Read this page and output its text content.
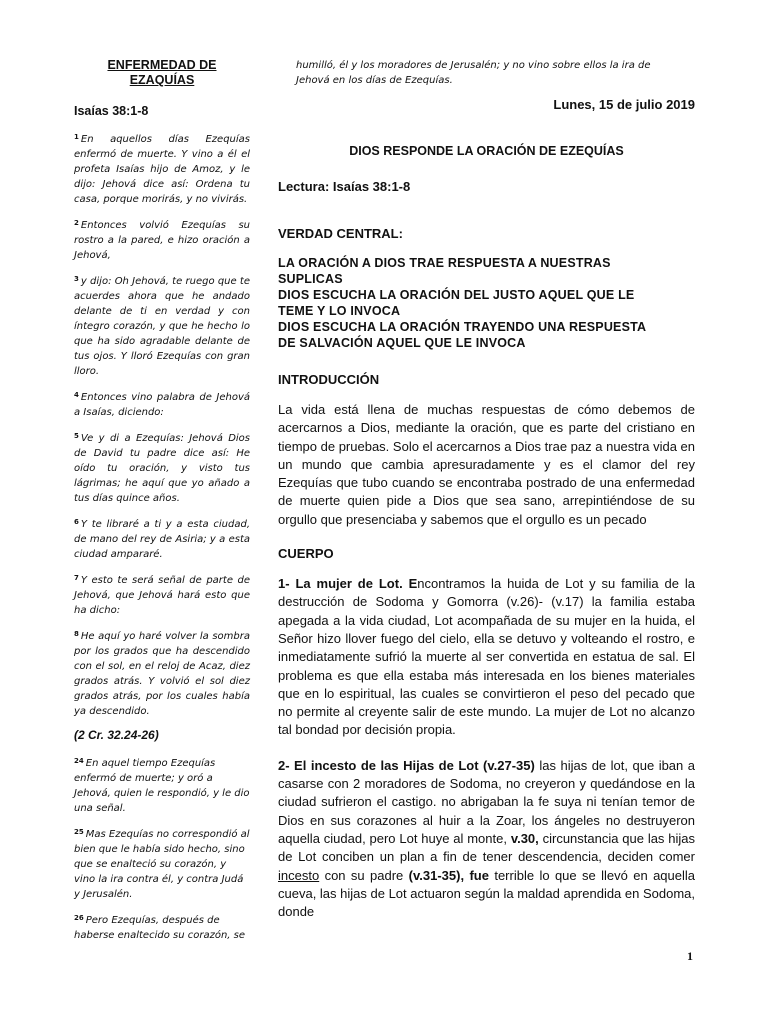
ENFERMEDAD DE
EZAQUÍAS
Isaías 38:1-8

$^1$ En aquellos días Ezequías enfermó de muerte. Y vino a él el profeta Isaías hijo de Amoz, y le dijo: Jehová dice así: Ordena tu casa, porque morirás, y no vivirás.

$^2$ Entonces volvió Ezequías su rostro a la pared, e hizo oración a Jehová,

$^3$ y dijo: Oh Jehová, te ruego que te acuerdes ahora que he andado delante de ti en verdad y con íntegro corazón, y que he hecho lo que ha sido agradable delante de tus ojos. Y lloró Ezequías con gran lloro.

$^4$ Entonces vino palabra de Jehová a Isaías, diciendo:

$^5$ Ve y di a Ezequías: Jehová Dios de David tu padre dice así: He oído tu oración, y visto tus lágrimas; he aquí que yo añado a tus días quince años.

$^6$ Y te libraré a ti y a esta ciudad, de mano del rey de Asiria; y a esta ciudad ampararé.

$^7$ Y esto te será señal de parte de Jehová, que Jehová hará esto que ha dicho:

$^8$ He aquí yo haré volver la sombra por los grados que ha descendido con el sol, en el reloj de Acaz, diez grados atrás. Y volvió el sol diez grados atrás, por los cuales había ya descendido.

(2 Cr. 32.24-26)

$^{24}$ En aquel tiempo Ezequías enfermó de muerte; y oró a Jehová, quien le respondió, y le dio una señal.

$^{25}$ Mas Ezequías no correspondió al bien que le había sido hecho, sino que se enalteció su corazón, y vino la ira contra él, y contra Judá y Jerusalén.

$^{26}$ Pero Ezequías, después de haberse enaltecido su corazón, se

humilló, él y los moradores de Jerusalén; y no vino sobre ellos la ira de Jehová en los días de Ezequías.

Lunes, 15 de julio 2019
DIOS RESPONDE LA ORACIÓN DE EZEQUÍAS
Lectura: Isaías 38:1-8
VERDAD CENTRAL:

LA ORACIÓN A DIOS TRAE RESPUESTA A NUESTRAS

SUPLICAS

DIOS ESCUCHA LA ORACIÓN DEL JUSTO AQUEL QUE LE

TEME Y LO INVOCA

DIOS ESCUCHA LA ORACIÓN TRAYENDO UNA RESPUESTA

DE SALVACIÓN AQUEL QUE LE INVOCA

INTRODUCCIÓN

La vida está llena de muchas respuestas de cómo debemos de acercarnos a Dios, mediante la oración, que es parte del cristiano en tiempo de pruebas. Solo el acercarnos a Dios trae paz a nuestra vida en un mundo que cambia apresuradamente y es el clamor del rey Ezequías que tubo cuando se encontraba postrado de una enfermedad de muerte quien pide a Dios que sea sano, arrepintiéndose de su orgullo que presenciaba y sabemos que el orgullo es un pecado

CUERPO

1- La mujer de Lot. Encontramos la huida de Lot y su familia de la destrucción de Sodoma y Gomorra (v.26)- (v.17) la familia estaba apegada a la vida ciudad, Lot acompañada de su mujer en la huida, el Señor hizo llover fuego del cielo, ella se detuvo y volteando el rostro, e inmediatamente sufrió la muerte al ser convertida en estatua de sal. El problema es que ella estaba más interesada en los bienes materiales que en lo espiritual, las cuales se convirtieron el peso del pecado que no permite al creyente salir de este mundo. La mujer de Lot no alcanzo tal bondad por decisión propia.

2- El incesto de las Hijas de Lot (v.27-35) las hijas de lot, que iban a casarse con 2 moradores de Sodoma, no creyeron y quedándose en la ciudad sufrieron el castigo. no abrigaban la fe suya ni tenían temor de Dios en sus corazones al huir a la Zoar, los ángeles no destruyeron aquella ciudad, pero Lot huye al monte, v.30, circunstancia que las hijas de Lot conciben un plan a fin de tener descendencia, deciden comer incesto con su padre (v.31-35), fue terrible lo que se llevó en aquella cueva, las hijas de Lot actuaron según la maldad aprendida en Sodoma, donde

1
